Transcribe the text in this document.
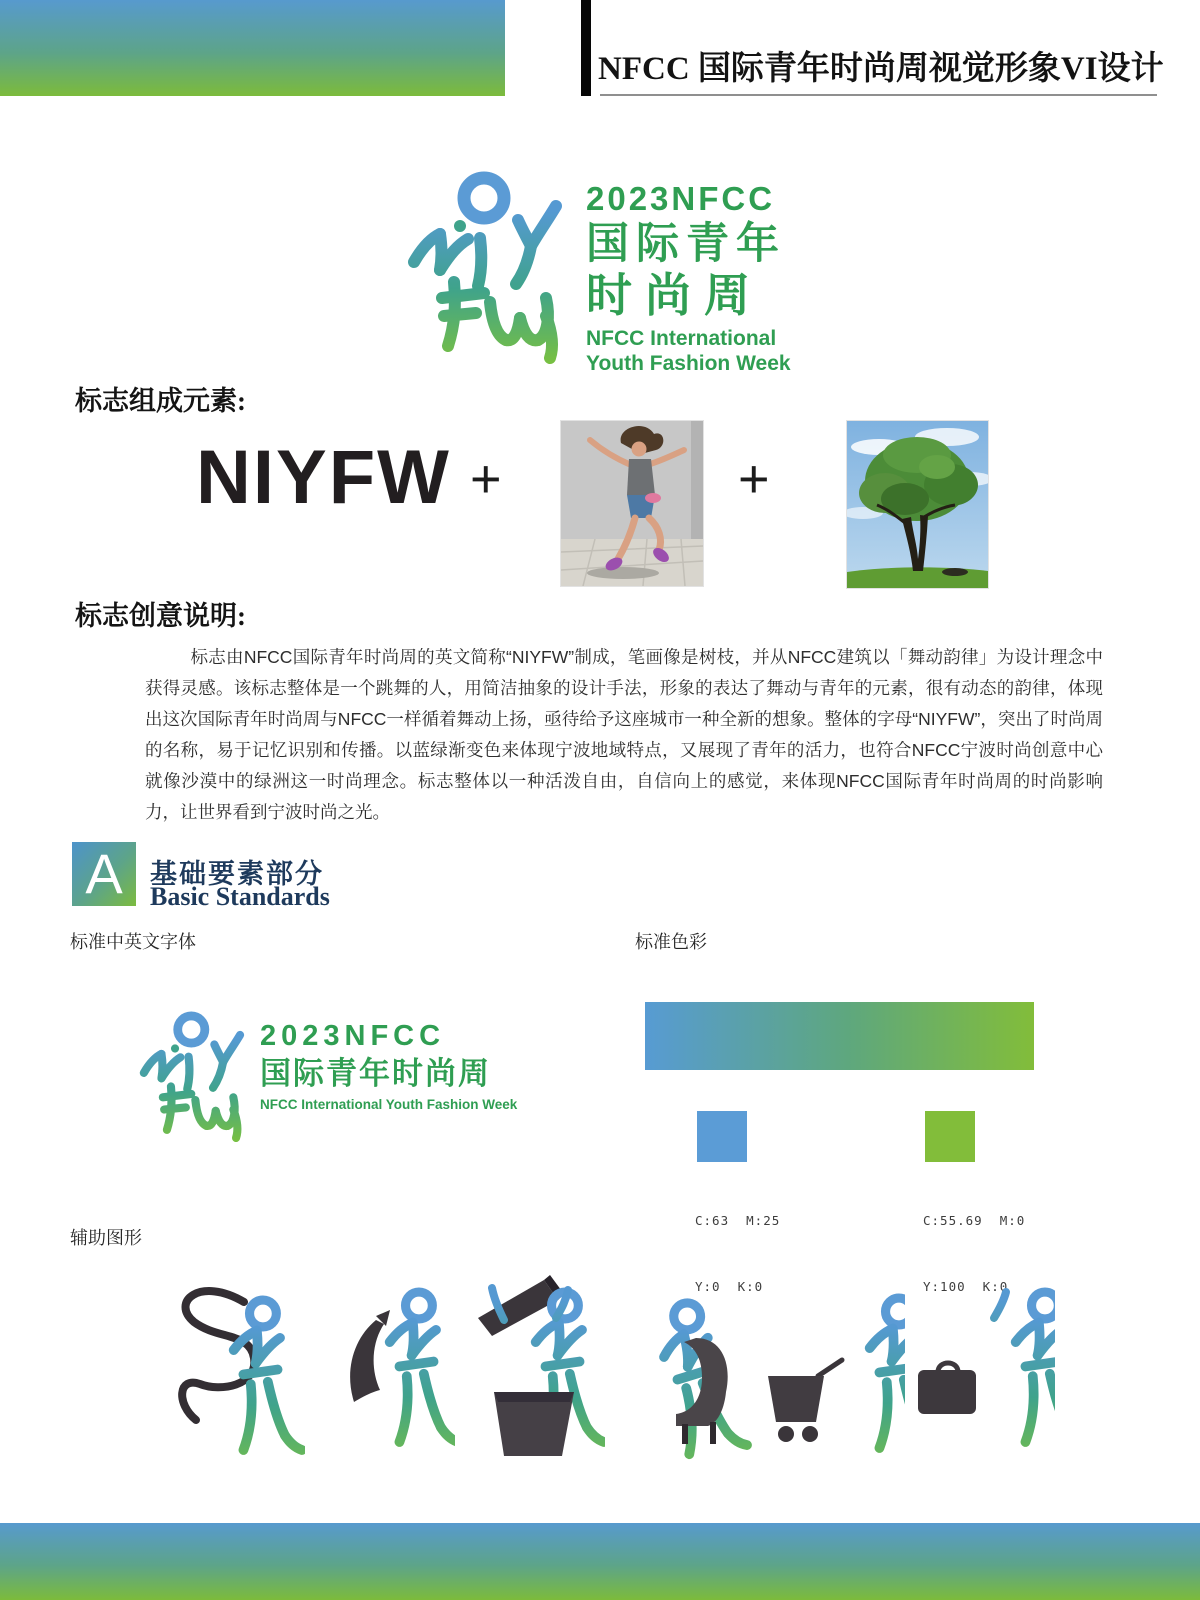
NFCC 国际青年时尚周视觉形象VI设计
2023NFCC
国际青年
时尚周
NFCC International
Youth Fashion Week
标志组成元素:
NIYFW +	+
标志创意说明:
标志由NFCC国际青年时尚周的英文简称“NIYFW”制成，笔画像是树枝，并从NFCC建筑以「舞动韵律」为设计理念中获得灵感。该标志整体是一个跳舞的人，用简洁抽象的设计手法，形象的表达了舞动与青年的元素，很有动态的韵律，体现出这次国际青年时尚周与NFCC一样循着舞动上扬，亟待给予这座城市一种全新的想象。整体的字母“NIYFW”，突出了时尚周的名称，易于记忆识别和传播。以蓝绿渐变色来体现宁波地域特点，又展现了青年的活力，也符合NFCC宁波时尚创意中心就像沙漠中的绿洲这一时尚理念。标志整体以一种活泼自由，自信向上的感觉，来体现NFCC国际青年时尚周的时尚影响力，让世界看到宁波时尚之光。
A	基础要素部分
Basic Standards
标准中英文字体	标准色彩
2023NFCC
国际青年时尚周
NFCC International Youth Fashion Week

C:63  M:25

Y:0  K:0

C:55.69  M:0

Y:100  K:0

辅助图形
